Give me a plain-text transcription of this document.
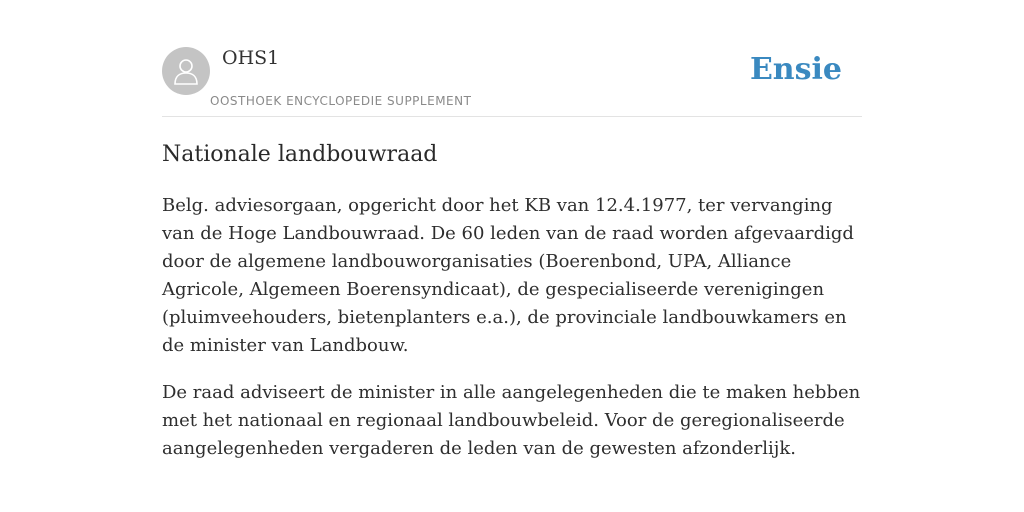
OHS1
OOSTHOEK ENCYCLOPEDIE SUPPLEMENT
Ensie
Nationale landbouwraad

Belg. adviesorgaan, opgericht door het KB van 12.4.1977, ter vervanging van de Hoge Landbouwraad. De 60 leden van de raad worden afgevaardigd door de algemene landbouworganisaties (Boerenbond, UPA, Alliance Agricole, Algemeen Boerensyndicaat), de gespecialiseerde verenigingen (pluimveehouders, bietenplanters e.a.), de provinciale landbouwkamers en de minister van Landbouw.

De raad adviseert de minister in alle aangelegenheden die te maken hebben met het nationaal en regionaal landbouwbeleid. Voor de geregionaliseerde aangelegenheden vergaderen de leden van de gewesten afzonderlijk.
